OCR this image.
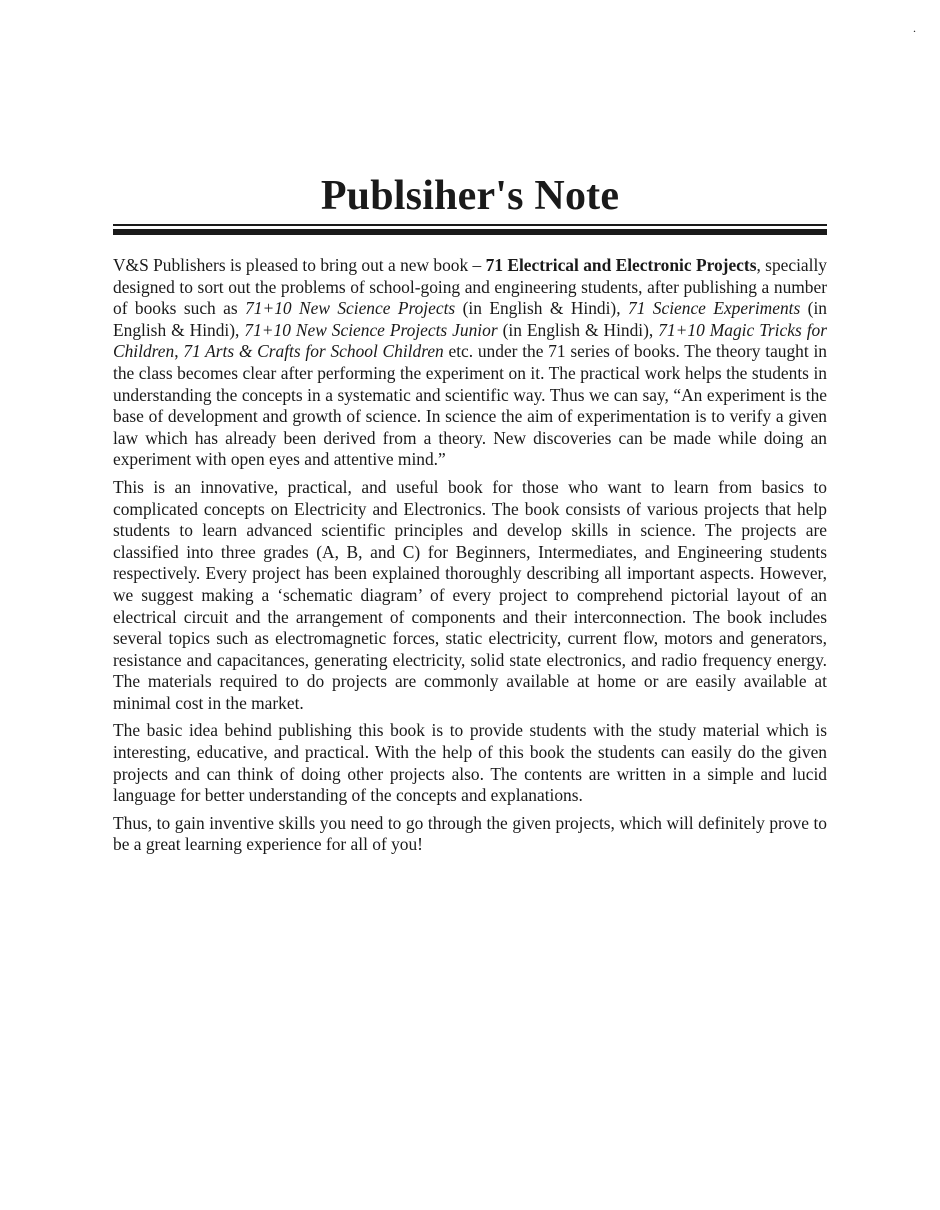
.
Publsiher's Note

V&S Publishers is pleased to bring out a new book – 71 Electrical and Electronic Projects, specially designed to sort out the problems of school-going and engineering students, after publishing a number of books such as 71+10 New Science Projects (in English & Hindi), 71 Science Experiments (in English & Hindi), 71+10 New Science Projects Junior (in English & Hindi), 71+10 Magic Tricks for Children, 71 Arts & Crafts for School Children etc. under the 71 series of books. The theory taught in the class becomes clear after performing the experiment on it. The practical work helps the students in understanding the concepts in a systematic and scientific way. Thus we can say, “An experiment is the base of development and growth of science. In science the aim of experimentation is to verify a given law which has already been derived from a theory. New discoveries can be made while doing an experiment with open eyes and attentive mind.”

This is an innovative, practical, and useful book for those who want to learn from basics to complicated concepts on Electricity and Electronics. The book consists of various projects that help students to learn advanced scientific principles and develop skills in science. The projects are classified into three grades (A, B, and C) for Beginners, Intermediates, and Engineering students respectively. Every project has been explained thoroughly describing all important aspects. However, we suggest making a ‘schematic diagram’ of every project to comprehend pictorial layout of an electrical circuit and the arrangement of components and their interconnection. The book includes several topics such as electromagnetic forces, static electricity, current flow, motors and generators, resistance and capacitances, generating electricity, solid state electronics, and radio frequency energy. The materials required to do projects are commonly available at home or are easily available at minimal cost in the market.

The basic idea behind publishing this book is to provide students with the study material which is interesting, educative, and practical. With the help of this book the students can easily do the given projects and can think of doing other projects also. The contents are written in a simple and lucid language for better understanding of the concepts and explanations.

Thus, to gain inventive skills you need to go through the given projects, which will definitely prove to be a great learning experience for all of you!
